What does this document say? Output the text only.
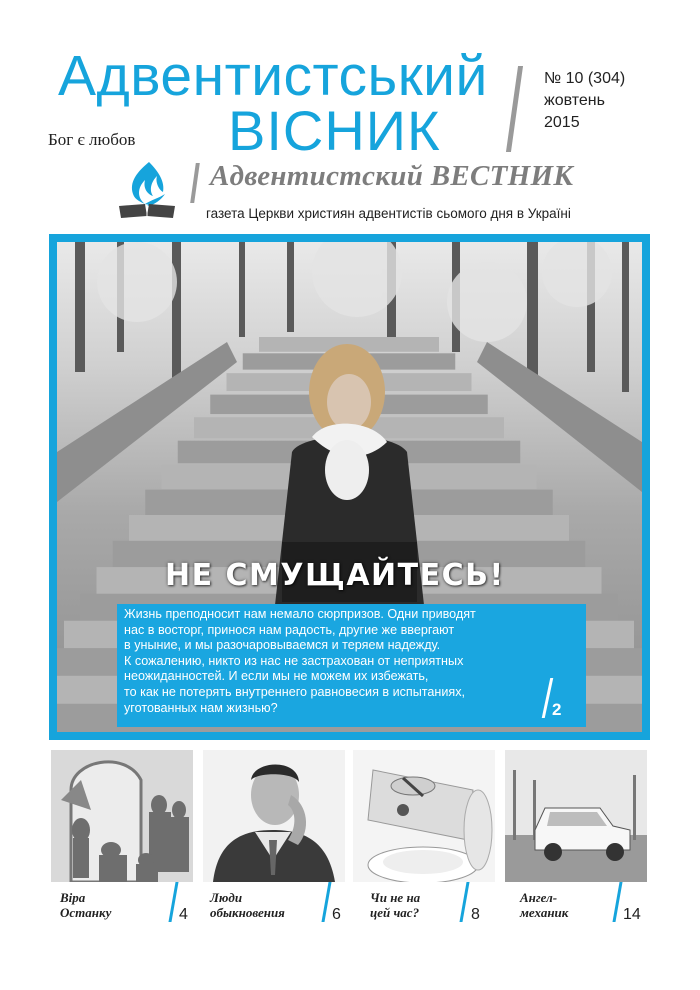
Адвентистський
ВІСНИК
Бог є любов
№ 10 (304)
жовтень
2015
Адвентистский ВЕСТНИК
газета Церкви християн адвентистів сьомого дня в Україні
НЕ СМУЩАЙТЕСЬ!
Жизнь преподносит нам немало сюрпризов. Одни приводят
нас в восторг, принося нам радость, другие же ввергают
в уныние, и мы разочаровываемся и теряем надежду.
К сожалению, никто из нас не застрахован от неприятных
неожиданностей. И если мы не можем их избежать,
то как не потерять внутреннего равновесия в испытаниях,
уготованных нам жизнью?	2
Віра
Останку	4
Люди
обыкновения	6
Чи не на
цей час?	8
Ангел-
механик	14
